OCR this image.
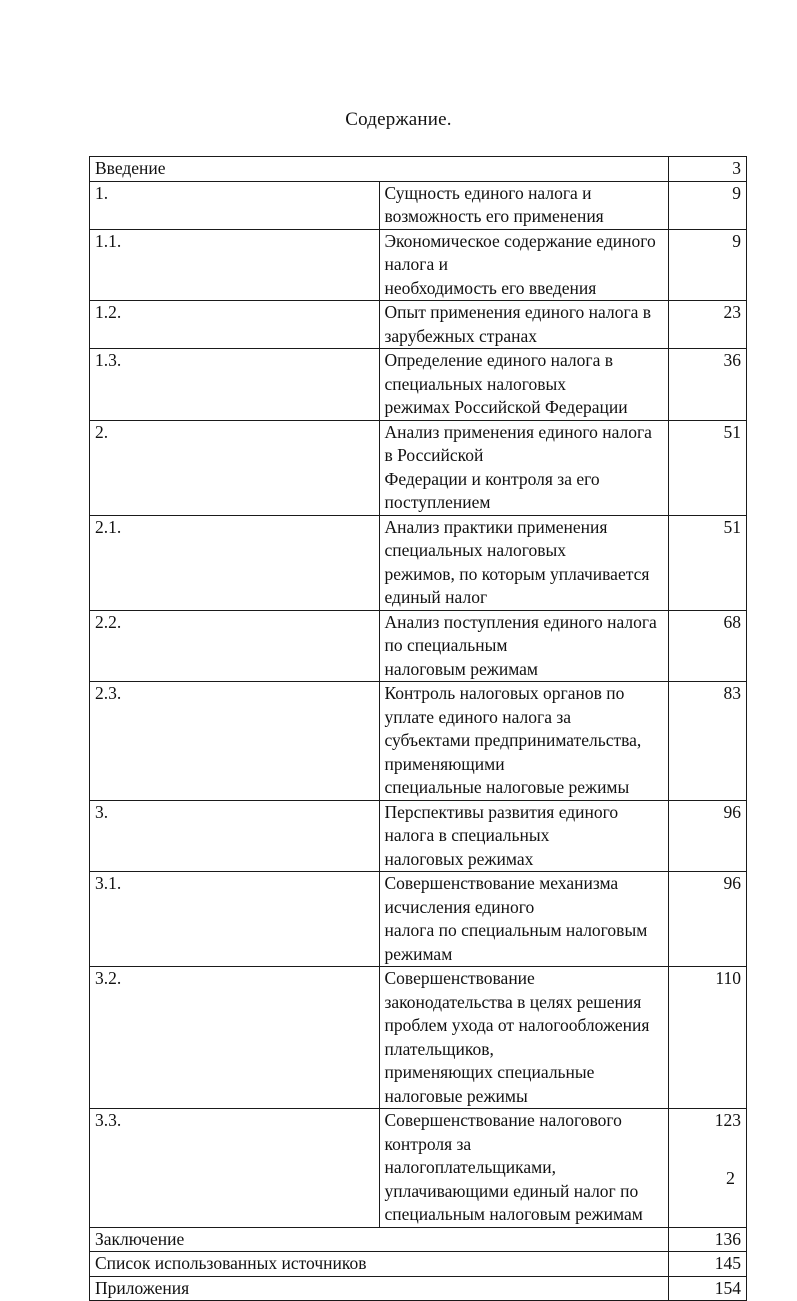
Содержание.
Введение		3
1.	Сущность единого налога и возможность его применения	9
1.1.	Экономическое содержание единого налога и
необходимость его введения	9
1.2.	Опыт применения единого налога в зарубежных странах	23
1.3.	Определение единого налога в специальных налоговых
режимах Российской Федерации	36
2.	Анализ применения единого налога в Российской
Федерации и контроля за его поступлением	51
2.1.	Анализ практики применения специальных налоговых
режимов, по которым уплачивается единый налог	51
2.2.	Анализ поступления единого налога по специальным
налоговым режимам	68
2.3.	Контроль налоговых органов по уплате единого налога за
субъектами предпринимательства, применяющими
специальные налоговые режимы	83
3.	Перспективы развития единого налога в специальных
налоговых режимах	96
3.1.	Совершенствование механизма исчисления единого
налога по специальным налоговым режимам	96
3.2.	Совершенствование законодательства в целях решения
проблем ухода от налогообложения плательщиков,
применяющих специальные налоговые режимы	110
3.3.	Совершенствование налогового контроля за
налогоплательщиками, уплачивающими единый налог по
специальным налоговым режимам	123
Заключение		136
Список использованных источников		145
Приложения		154
2
